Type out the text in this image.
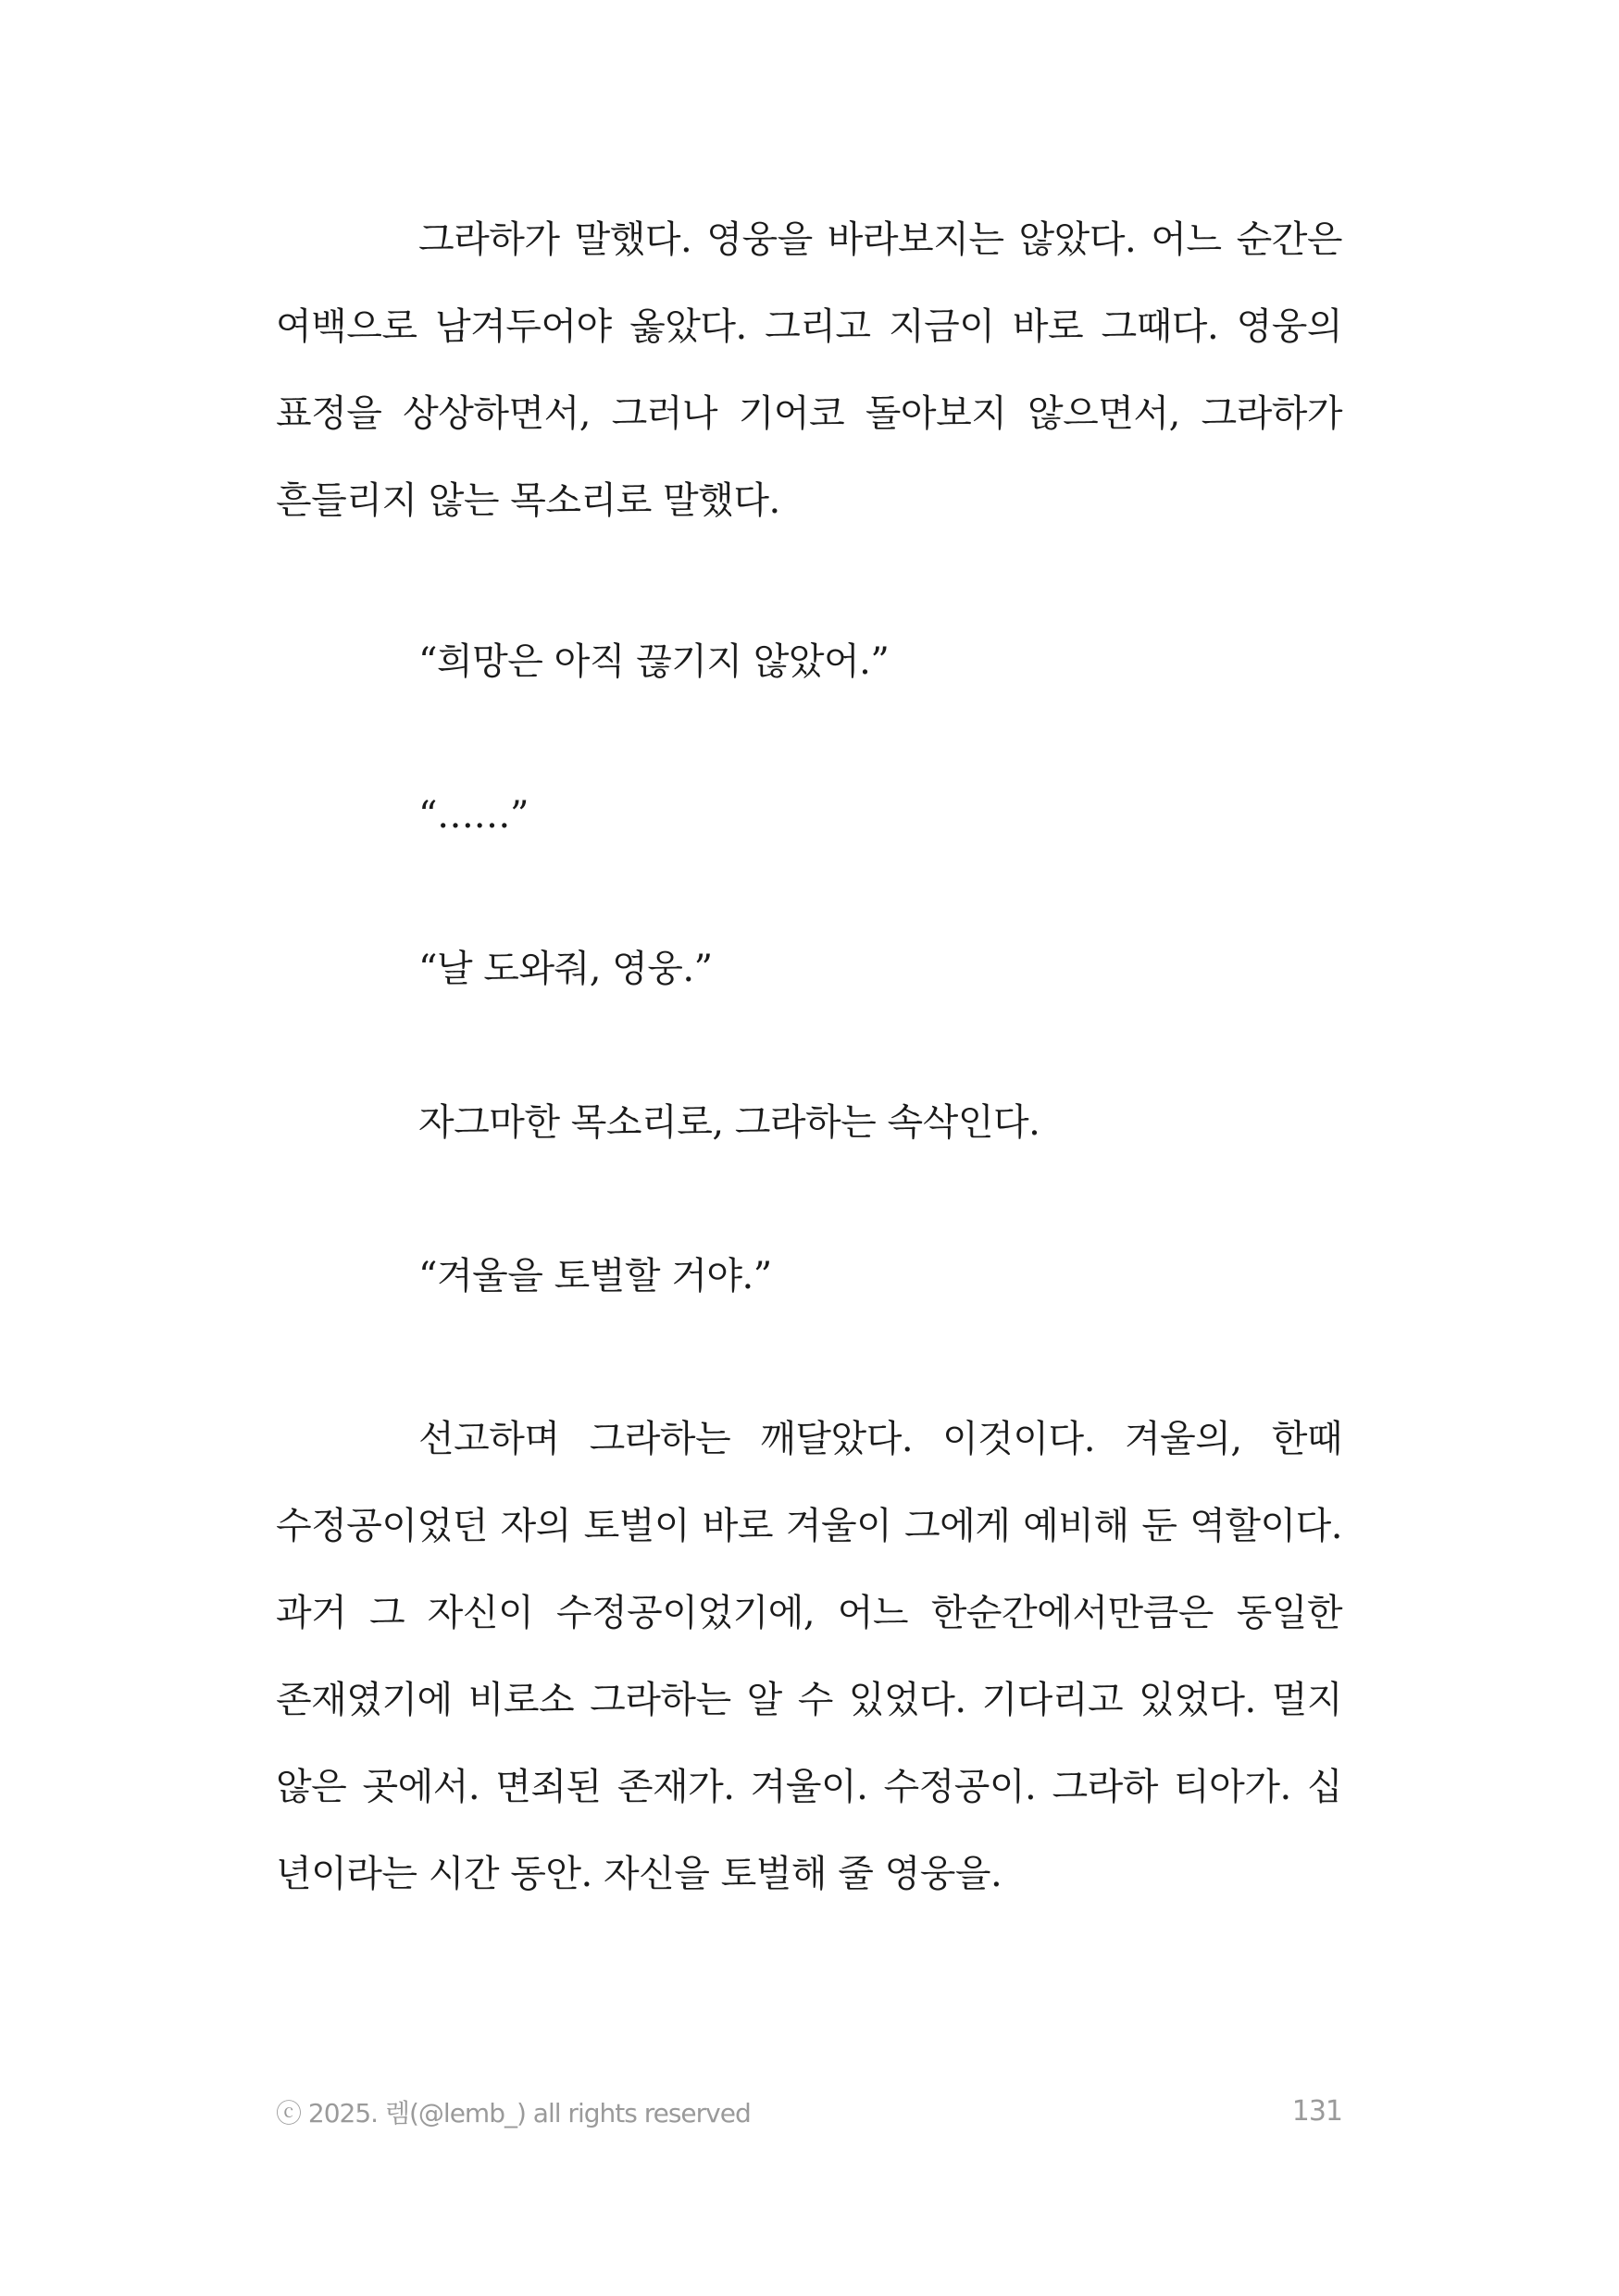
그라하가 말했다. 영웅을 바라보지는 않았다. 어느 순간은 여백으로 남겨두어야 옳았다. 그리고 지금이 바로 그때다. 영웅의 표정을 상상하면서, 그러나 기어코 돌아보지 않으면서, 그라하가 흔들리지 않는 목소리로 말했다.

“희망은 아직 끊기지 않았어.”

“……”

“날 도와줘, 영웅.”

자그마한 목소리로, 그라하는 속삭인다.

“겨울을 토벌할 거야.”

선고하며 그라하는 깨달았다. 이것이다. 겨울의, 한때 수정공이었던 자의 토벌이 바로 겨울이 그에게 예비해 둔 역할이다. 과거 그 자신이 수정공이었기에, 어느 한순간에서만큼은 동일한 존재였기에 비로소 그라하는 알 수 있었다. 기다리고 있었다. 멀지 않은 곳에서. 면죄된 존재가. 겨울이. 수정공이. 그라하 티아가. 십 년이라는 시간 동안. 자신을 토벌해 줄 영웅을.

ⓒ 2025. 렘(@lemb_) all rights reserved	131
